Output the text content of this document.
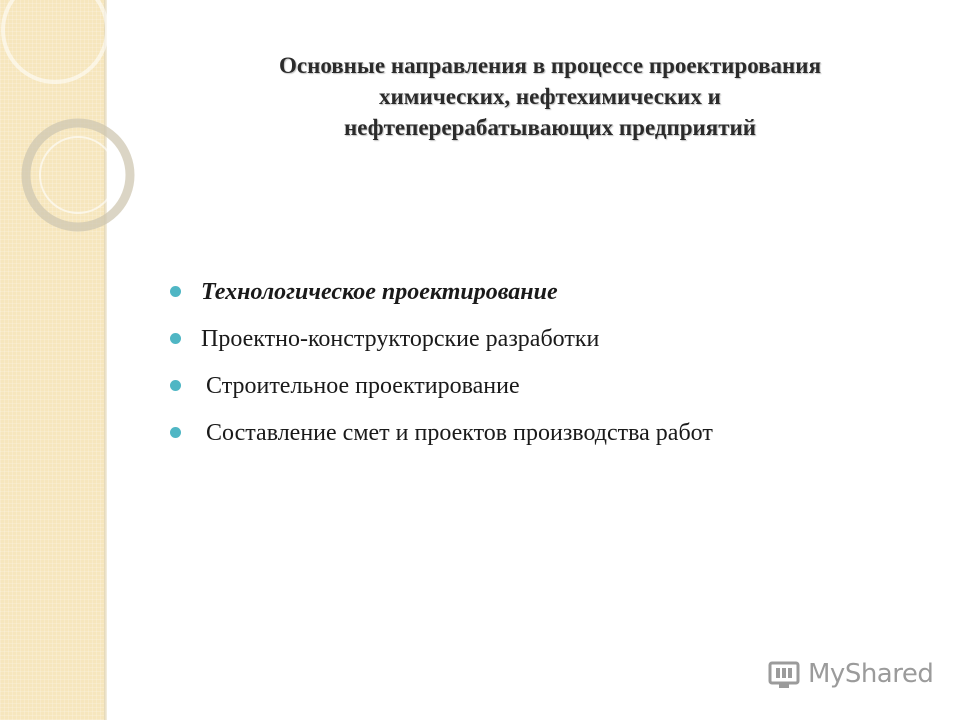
Основные направления в процессе проектирования
химических, нефтехимических и
нефтеперерабатывающих предприятий
Технологическое проектирование
Проектно-конструкторские разработки
Строительное проектирование
Составление смет и проектов производства работ
MyShared
